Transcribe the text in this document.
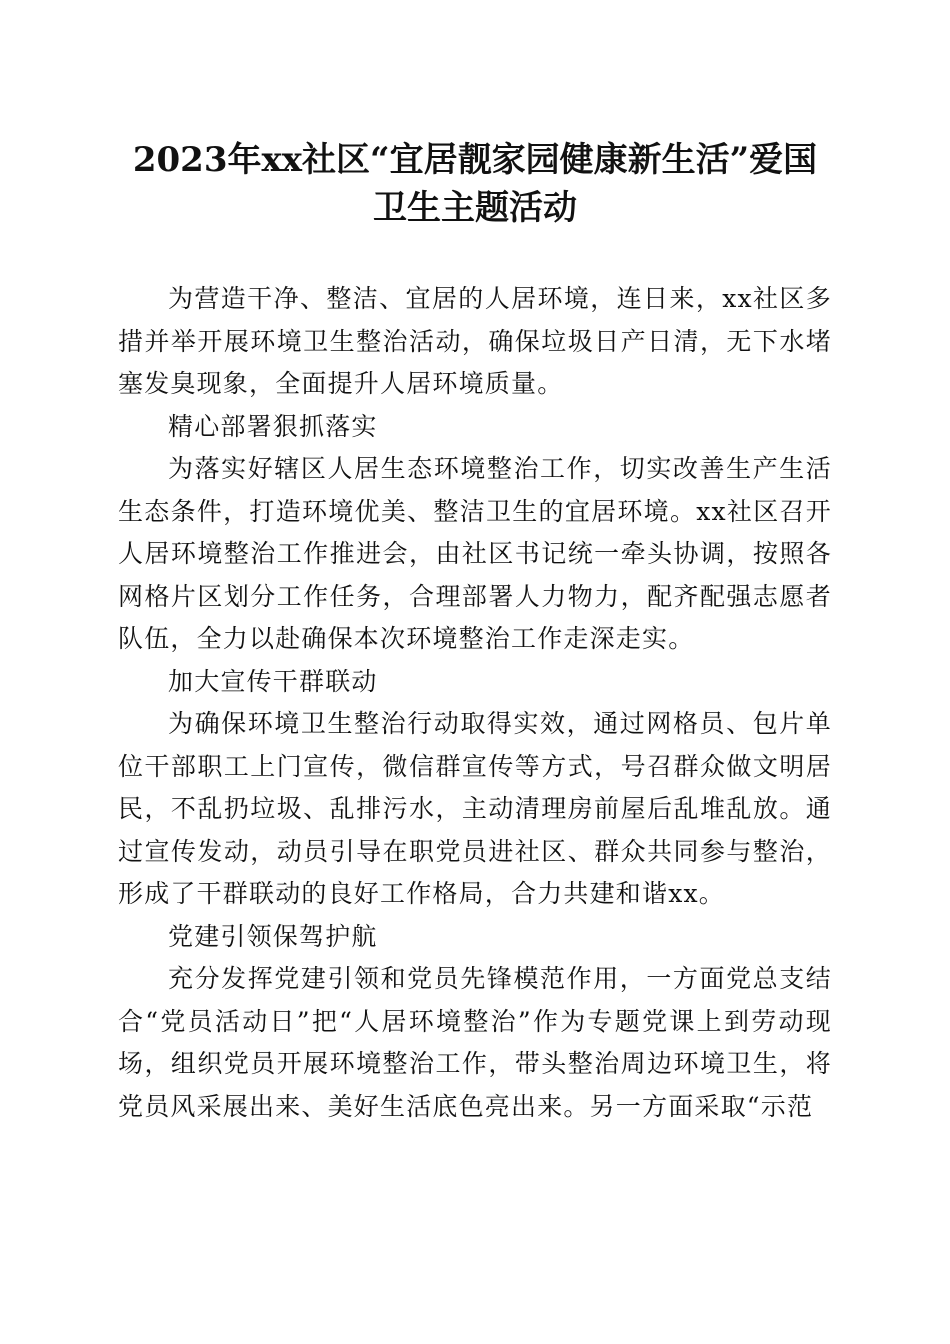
2023年xx社区“宜居靓家园健康新生活”爱国卫生主题活动

为营造干净、整洁、宜居的人居环境，连日来，xx社区多措并举开展环境卫生整治活动，确保垃圾日产日清，无下水堵塞发臭现象，全面提升人居环境质量。

精心部署狠抓落实

为落实好辖区人居生态环境整治工作，切实改善生产生活生态条件，打造环境优美、整洁卫生的宜居环境。xx社区召开人居环境整治工作推进会，由社区书记统一牵头协调，按照各网格片区划分工作任务，合理部署人力物力，配齐配强志愿者队伍，全力以赴确保本次环境整治工作走深走实。

加大宣传干群联动

为确保环境卫生整治行动取得实效，通过网格员、包片单位干部职工上门宣传，微信群宣传等方式，号召群众做文明居民，不乱扔垃圾、乱排污水，主动清理房前屋后乱堆乱放。通过宣传发动，动员引导在职党员进社区、群众共同参与整治，形成了干群联动的良好工作格局，合力共建和谐xx。

党建引领保驾护航

充分发挥党建引领和党员先锋模范作用，一方面党总支结合“党员活动日”把“人居环境整治”作为专题党课上到劳动现场，组织党员开展环境整治工作，带头整治周边环境卫生，将党员风采展出来、美好生活底色亮出来。另一方面采取“示范
